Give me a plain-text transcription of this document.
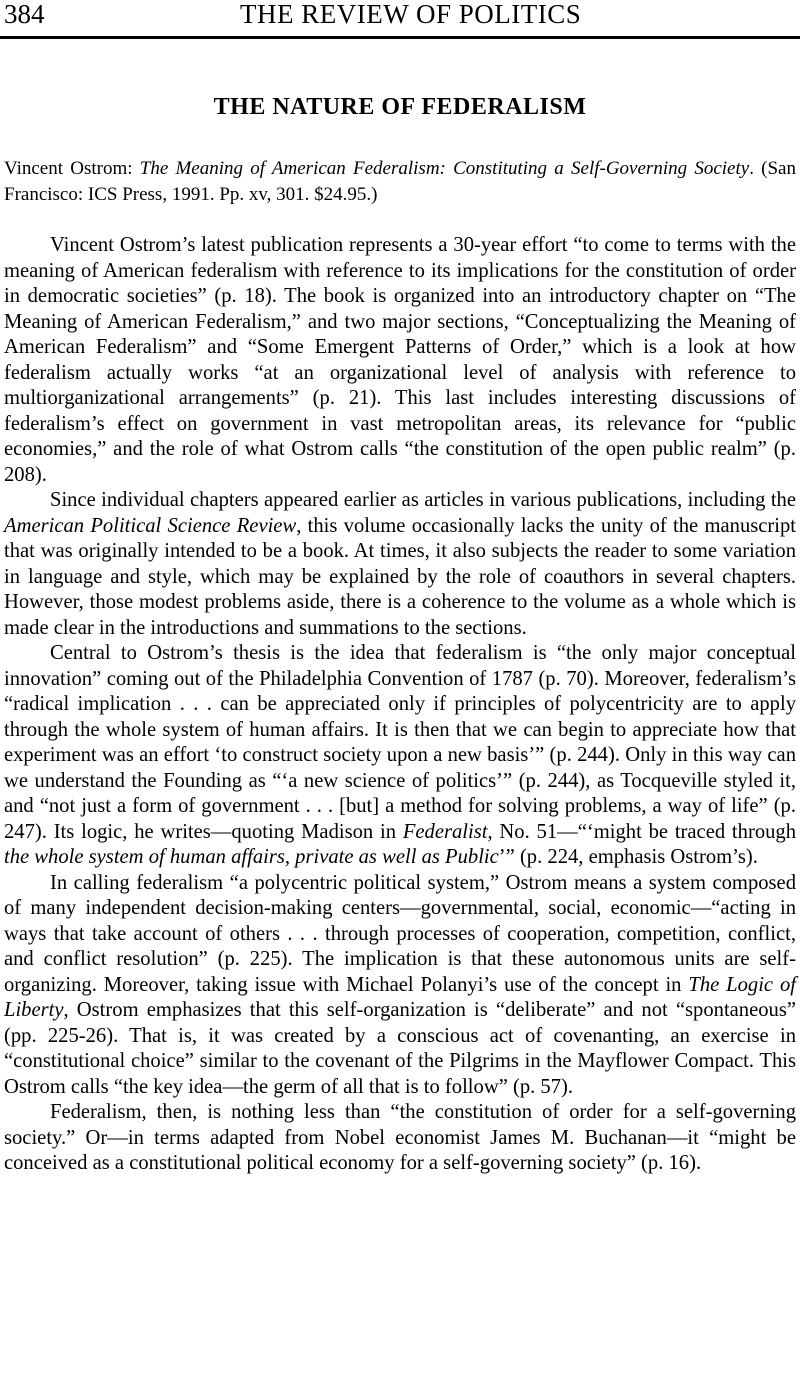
384	THE REVIEW OF POLITICS
THE NATURE OF FEDERALISM
Vincent Ostrom: The Meaning of American Federalism: Constituting a Self-Governing Society. (San Francisco: ICS Press, 1991. Pp. xv, 301. $24.95.)

Vincent Ostrom’s latest publication represents a 30-year effort “to come to terms with the meaning of American federalism with reference to its implications for the constitution of order in democratic societies” (p. 18). The book is organized into an introductory chapter on “The Meaning of American Federalism,” and two major sections, “Conceptualizing the Meaning of American Federalism” and “Some Emergent Patterns of Order,” which is a look at how federalism actually works “at an organizational level of analysis with reference to multiorganizational arrangements” (p. 21). This last includes interesting discussions of federalism’s effect on government in vast metropolitan areas, its relevance for “public economies,” and the role of what Ostrom calls “the constitution of the open public realm” (p. 208).

Since individual chapters appeared earlier as articles in various publications, including the American Political Science Review, this volume occasionally lacks the unity of the manuscript that was originally intended to be a book. At times, it also subjects the reader to some variation in language and style, which may be explained by the role of coauthors in several chapters. However, those modest problems aside, there is a coherence to the volume as a whole which is made clear in the introductions and summations to the sections.

Central to Ostrom’s thesis is the idea that federalism is “the only major conceptual innovation” coming out of the Philadelphia Convention of 1787 (p. 70). Moreover, federalism’s “radical implication . . . can be appreciated only if principles of polycentricity are to apply through the whole system of human affairs. It is then that we can begin to appreciate how that experiment was an effort ‘to construct society upon a new basis’” (p. 244). Only in this way can we understand the Founding as “‘a new science of politics’” (p. 244), as Tocqueville styled it, and “not just a form of government . . . [but] a method for solving problems, a way of life” (p. 247). Its logic, he writes—quoting Madison in Federalist, No. 51—“‘might be traced through the whole system of human affairs, private as well as Public’” (p. 224, emphasis Ostrom’s).

In calling federalism “a polycentric political system,” Ostrom means a system composed of many independent decision-making centers—governmental, social, economic—“acting in ways that take account of others . . . through processes of cooperation, competition, conflict, and conflict resolution” (p. 225). The implication is that these autonomous units are self-organizing. Moreover, taking issue with Michael Polanyi’s use of the concept in The Logic of Liberty, Ostrom emphasizes that this self-organization is “deliberate” and not “spontaneous” (pp. 225-26). That is, it was created by a conscious act of covenanting, an exercise in “constitutional choice” similar to the covenant of the Pilgrims in the Mayflower Compact. This Ostrom calls “the key idea—the germ of all that is to follow” (p. 57).

Federalism, then, is nothing less than “the constitution of order for a self-governing society.” Or—in terms adapted from Nobel economist James M. Buchanan—it “might be conceived as a constitutional political economy for a self-governing society” (p. 16).
